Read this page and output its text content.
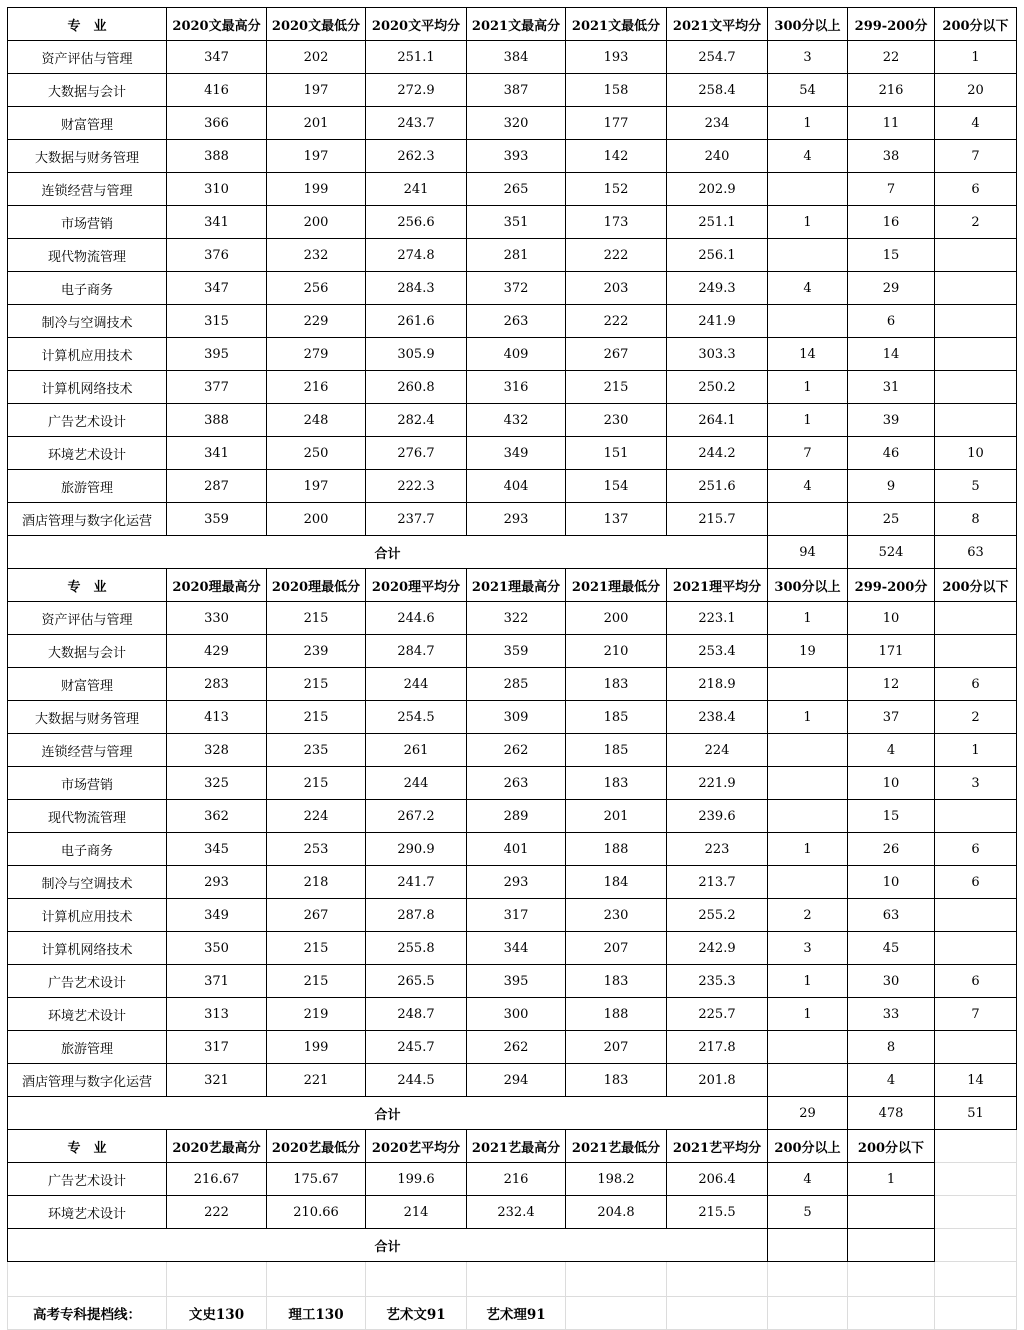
专　业	2020文最高分	2020文最低分	2020文平均分	2021文最高分	2021文最低分	2021文平均分	300分以上	299-200分	200分以下
资产评估与管理	347	202	251.1	384	193	254.7	3	22	1
大数据与会计	416	197	272.9	387	158	258.4	54	216	20
财富管理	366	201	243.7	320	177	234	1	11	4
大数据与财务管理	388	197	262.3	393	142	240	4	38	7
连锁经营与管理	310	199	241	265	152	202.9		7	6
市场营销	341	200	256.6	351	173	251.1	1	16	2
现代物流管理	376	232	274.8	281	222	256.1		15	
电子商务	347	256	284.3	372	203	249.3	4	29	
制冷与空调技术	315	229	261.6	263	222	241.9		6	
计算机应用技术	395	279	305.9	409	267	303.3	14	14	
计算机网络技术	377	216	260.8	316	215	250.2	1	31	
广告艺术设计	388	248	282.4	432	230	264.1	1	39	
环境艺术设计	341	250	276.7	349	151	244.2	7	46	10
旅游管理	287	197	222.3	404	154	251.6	4	9	5
酒店管理与数字化运营	359	200	237.7	293	137	215.7		25	8
合计							94	524	63
专　业	2020理最高分	2020理最低分	2020理平均分	2021理最高分	2021理最低分	2021理平均分	300分以上	299-200分	200分以下
资产评估与管理	330	215	244.6	322	200	223.1	1	10	
大数据与会计	429	239	284.7	359	210	253.4	19	171	
财富管理	283	215	244	285	183	218.9		12	6
大数据与财务管理	413	215	254.5	309	185	238.4	1	37	2
连锁经营与管理	328	235	261	262	185	224		4	1
市场营销	325	215	244	263	183	221.9		10	3
现代物流管理	362	224	267.2	289	201	239.6		15	
电子商务	345	253	290.9	401	188	223	1	26	6
制冷与空调技术	293	218	241.7	293	184	213.7		10	6
计算机应用技术	349	267	287.8	317	230	255.2	2	63	
计算机网络技术	350	215	255.8	344	207	242.9	3	45	
广告艺术设计	371	215	265.5	395	183	235.3	1	30	6
环境艺术设计	313	219	248.7	300	188	225.7	1	33	7
旅游管理	317	199	245.7	262	207	217.8		8	
酒店管理与数字化运营	321	221	244.5	294	183	201.8		4	14
合计							29	478	51
专　业	2020艺最高分	2020艺最低分	2020艺平均分	2021艺最高分	2021艺最低分	2021艺平均分	200分以上	200分以下	
广告艺术设计	216.67	175.67	199.6	216	198.2	206.4	4	1	
环境艺术设计	222	210.66	214	232.4	204.8	215.5	5		
合计									

高考专科提档线：	文史130	理工130	艺术文91	艺术理91					
